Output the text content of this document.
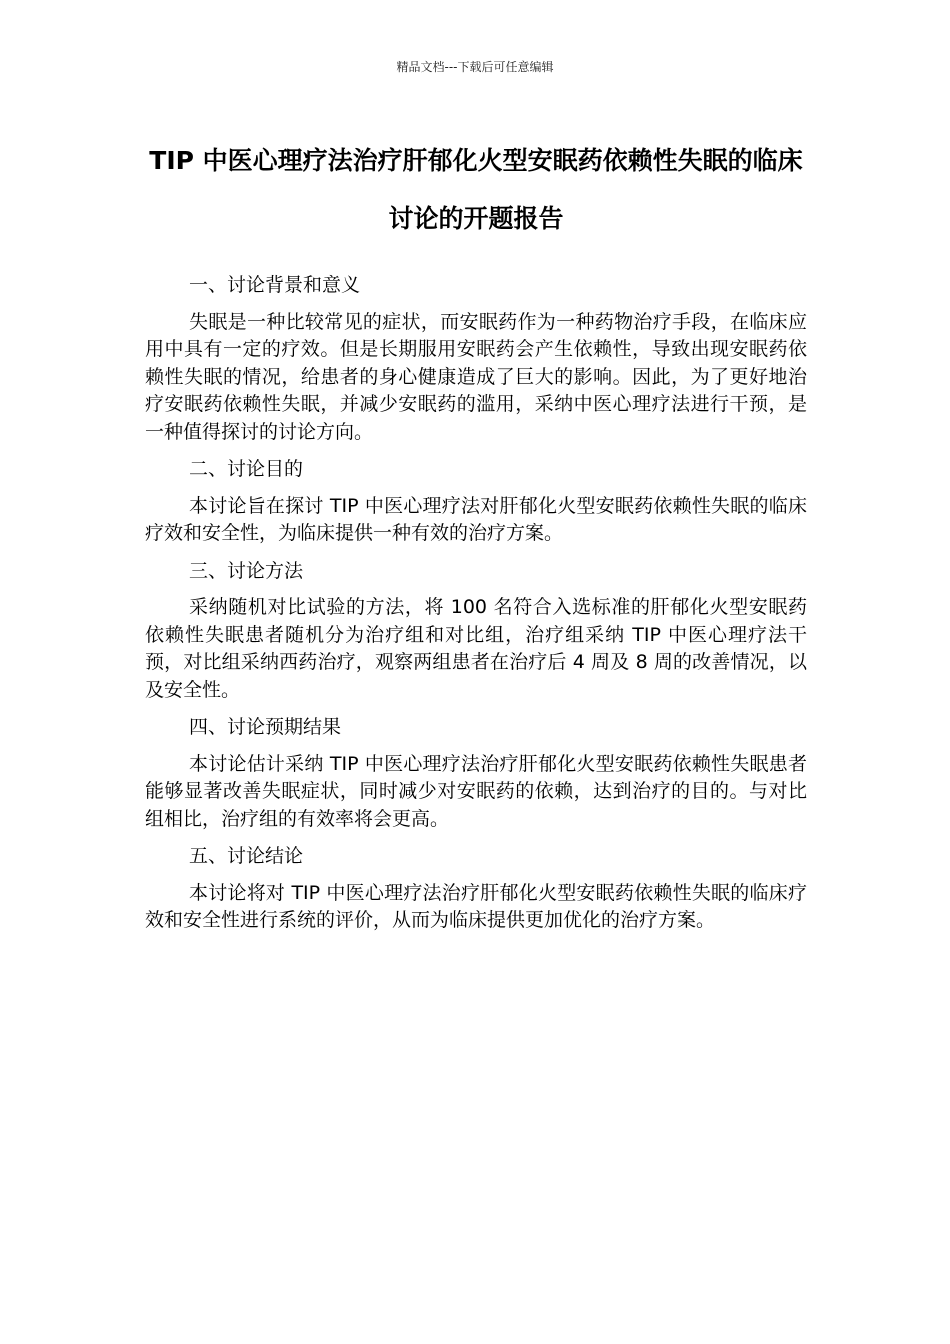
精品文档---下载后可任意编辑
TIP 中医心理疗法治疗肝郁化火型安眠药依赖性失眠的临床讨论的开题报告

一、讨论背景和意义

失眠是一种比较常见的症状，而安眠药作为一种药物治疗手段，在临床应用中具有一定的疗效。但是长期服用安眠药会产生依赖性，导致出现安眠药依赖性失眠的情况，给患者的身心健康造成了巨大的影响。因此，为了更好地治疗安眠药依赖性失眠，并减少安眠药的滥用，采纳中医心理疗法进行干预，是一种值得探讨的讨论方向。

二、讨论目的

本讨论旨在探讨 TIP 中医心理疗法对肝郁化火型安眠药依赖性失眠的临床疗效和安全性，为临床提供一种有效的治疗方案。

三、讨论方法

采纳随机对比试验的方法，将 100 名符合入选标准的肝郁化火型安眠药依赖性失眠患者随机分为治疗组和对比组，治疗组采纳 TIP 中医心理疗法干预，对比组采纳西药治疗，观察两组患者在治疗后 4 周及 8 周的改善情况，以及安全性。

四、讨论预期结果

本讨论估计采纳 TIP 中医心理疗法治疗肝郁化火型安眠药依赖性失眠患者能够显著改善失眠症状，同时减少对安眠药的依赖，达到治疗的目的。与对比组相比，治疗组的有效率将会更高。

五、讨论结论

本讨论将对 TIP 中医心理疗法治疗肝郁化火型安眠药依赖性失眠的临床疗效和安全性进行系统的评价，从而为临床提供更加优化的治疗方案。
